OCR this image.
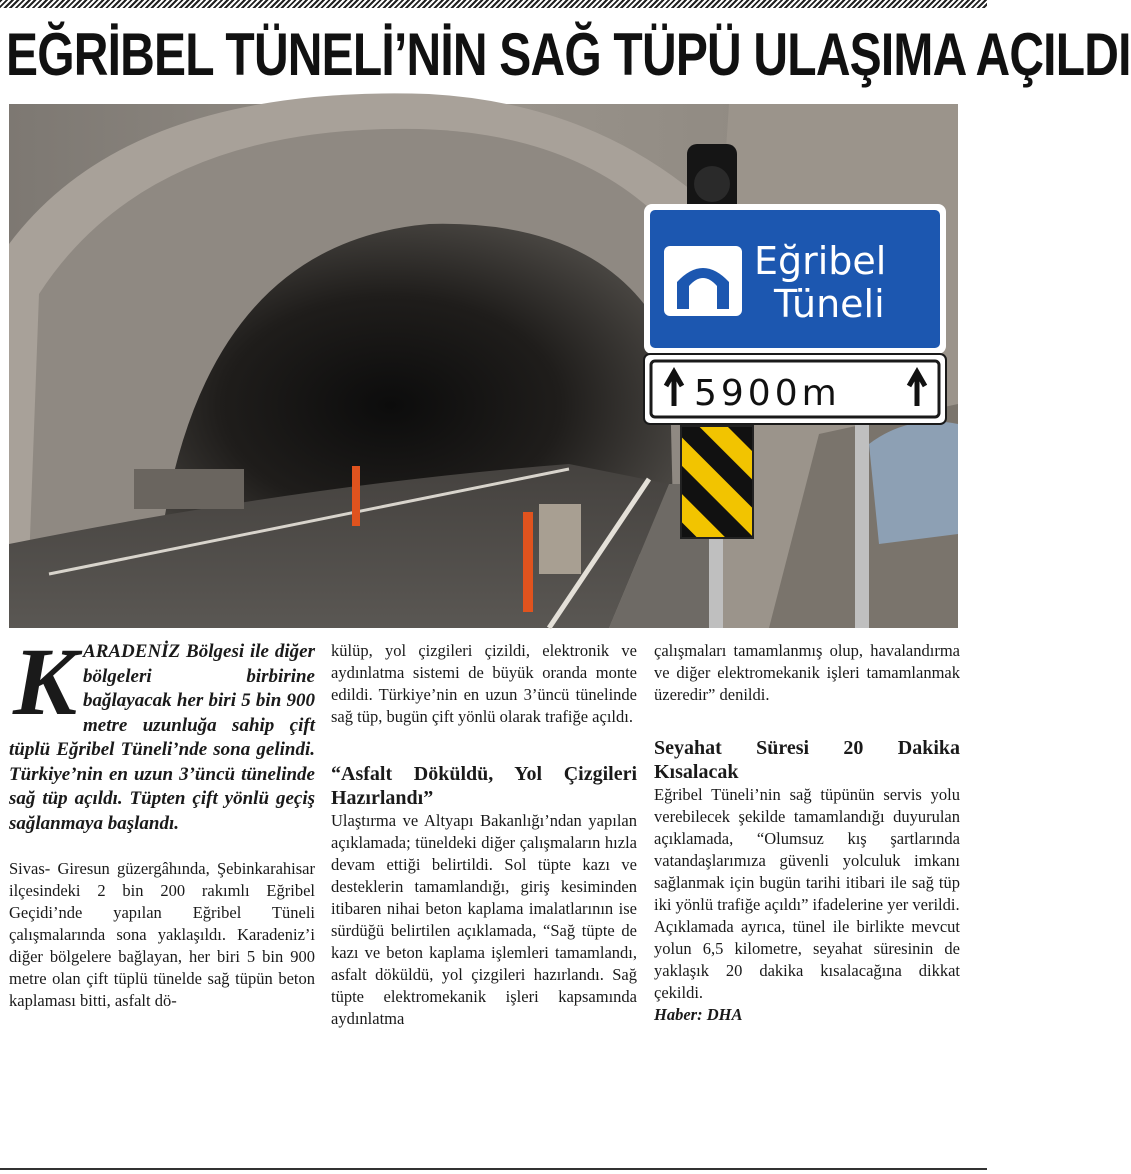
EĞRİBEL TÜNELİ’NİN SAĞ TÜPÜ ULAŞIMA AÇILDI
Eğribel
Tüneli
5900m

KARADENİZ Bölgesi ile diğer bölgeleri birbirine bağlayacak her biri 5 bin 900 metre uzunluğa sahip çift tüplü Eğribel Tüneli’nde sona gelindi. Türkiye’nin en uzun 3’üncü tünelinde sağ tüp açıldı. Tüpten çift yönlü geçiş sağlanmaya başlandı.

Sivas- Giresun güzergâhında, Şebinkarahisar ilçesindeki 2 bin 200 rakımlı Eğribel Geçidi’nde yapılan Eğribel Tüneli çalışmalarında sona yaklaşıldı. Karadeniz’i diğer bölgelere bağlayan, her biri 5 bin 900 metre olan çift tüplü tünelde sağ tüpün beton kaplaması bitti, asfalt dö-

külüp, yol çizgileri çizildi, elektronik ve aydınlatma sistemi de büyük oranda monte edildi. Türkiye’nin en uzun 3’üncü tünelinde sağ tüp, bugün çift yönlü olarak trafiğe açıldı.

“Asfalt Döküldü, Yol Çizgileri Hazırlandı”

Ulaştırma ve Altyapı Bakanlığı’ndan yapılan açıklamada; tüneldeki diğer çalışmaların hızla devam ettiği belirtildi. Sol tüpte kazı ve desteklerin tamamlandığı, giriş kesiminden itibaren nihai beton kaplama imalatlarının ise sürdüğü belirtilen açıklamada, “Sağ tüpte de kazı ve beton kaplama işlemleri tamamlandı, asfalt döküldü, yol çizgileri hazırlandı. Sağ tüpte elektromekanik işleri kapsamında aydınlatma

çalışmaları tamamlanmış olup, havalandırma ve diğer elektromekanik işleri tamamlanmak üzeredir” denildi.

Seyahat Süresi 20 Dakika Kısalacak

Eğribel Tüneli’nin sağ tüpünün servis yolu verebilecek şekilde tamamlandığı duyurulan açıklamada, “Olumsuz kış şartlarında vatandaşlarımıza güvenli yolculuk imkanı sağlanmak için bugün tarihi itibari ile sağ tüp iki yönlü trafiğe açıldı” ifadelerine yer verildi.

Açıklamada ayrıca, tünel ile birlikte mevcut yolun 6,5 kilometre, seyahat süresinin de yaklaşık 20 dakika kısalacağına dikkat çekildi.

Haber: DHA
